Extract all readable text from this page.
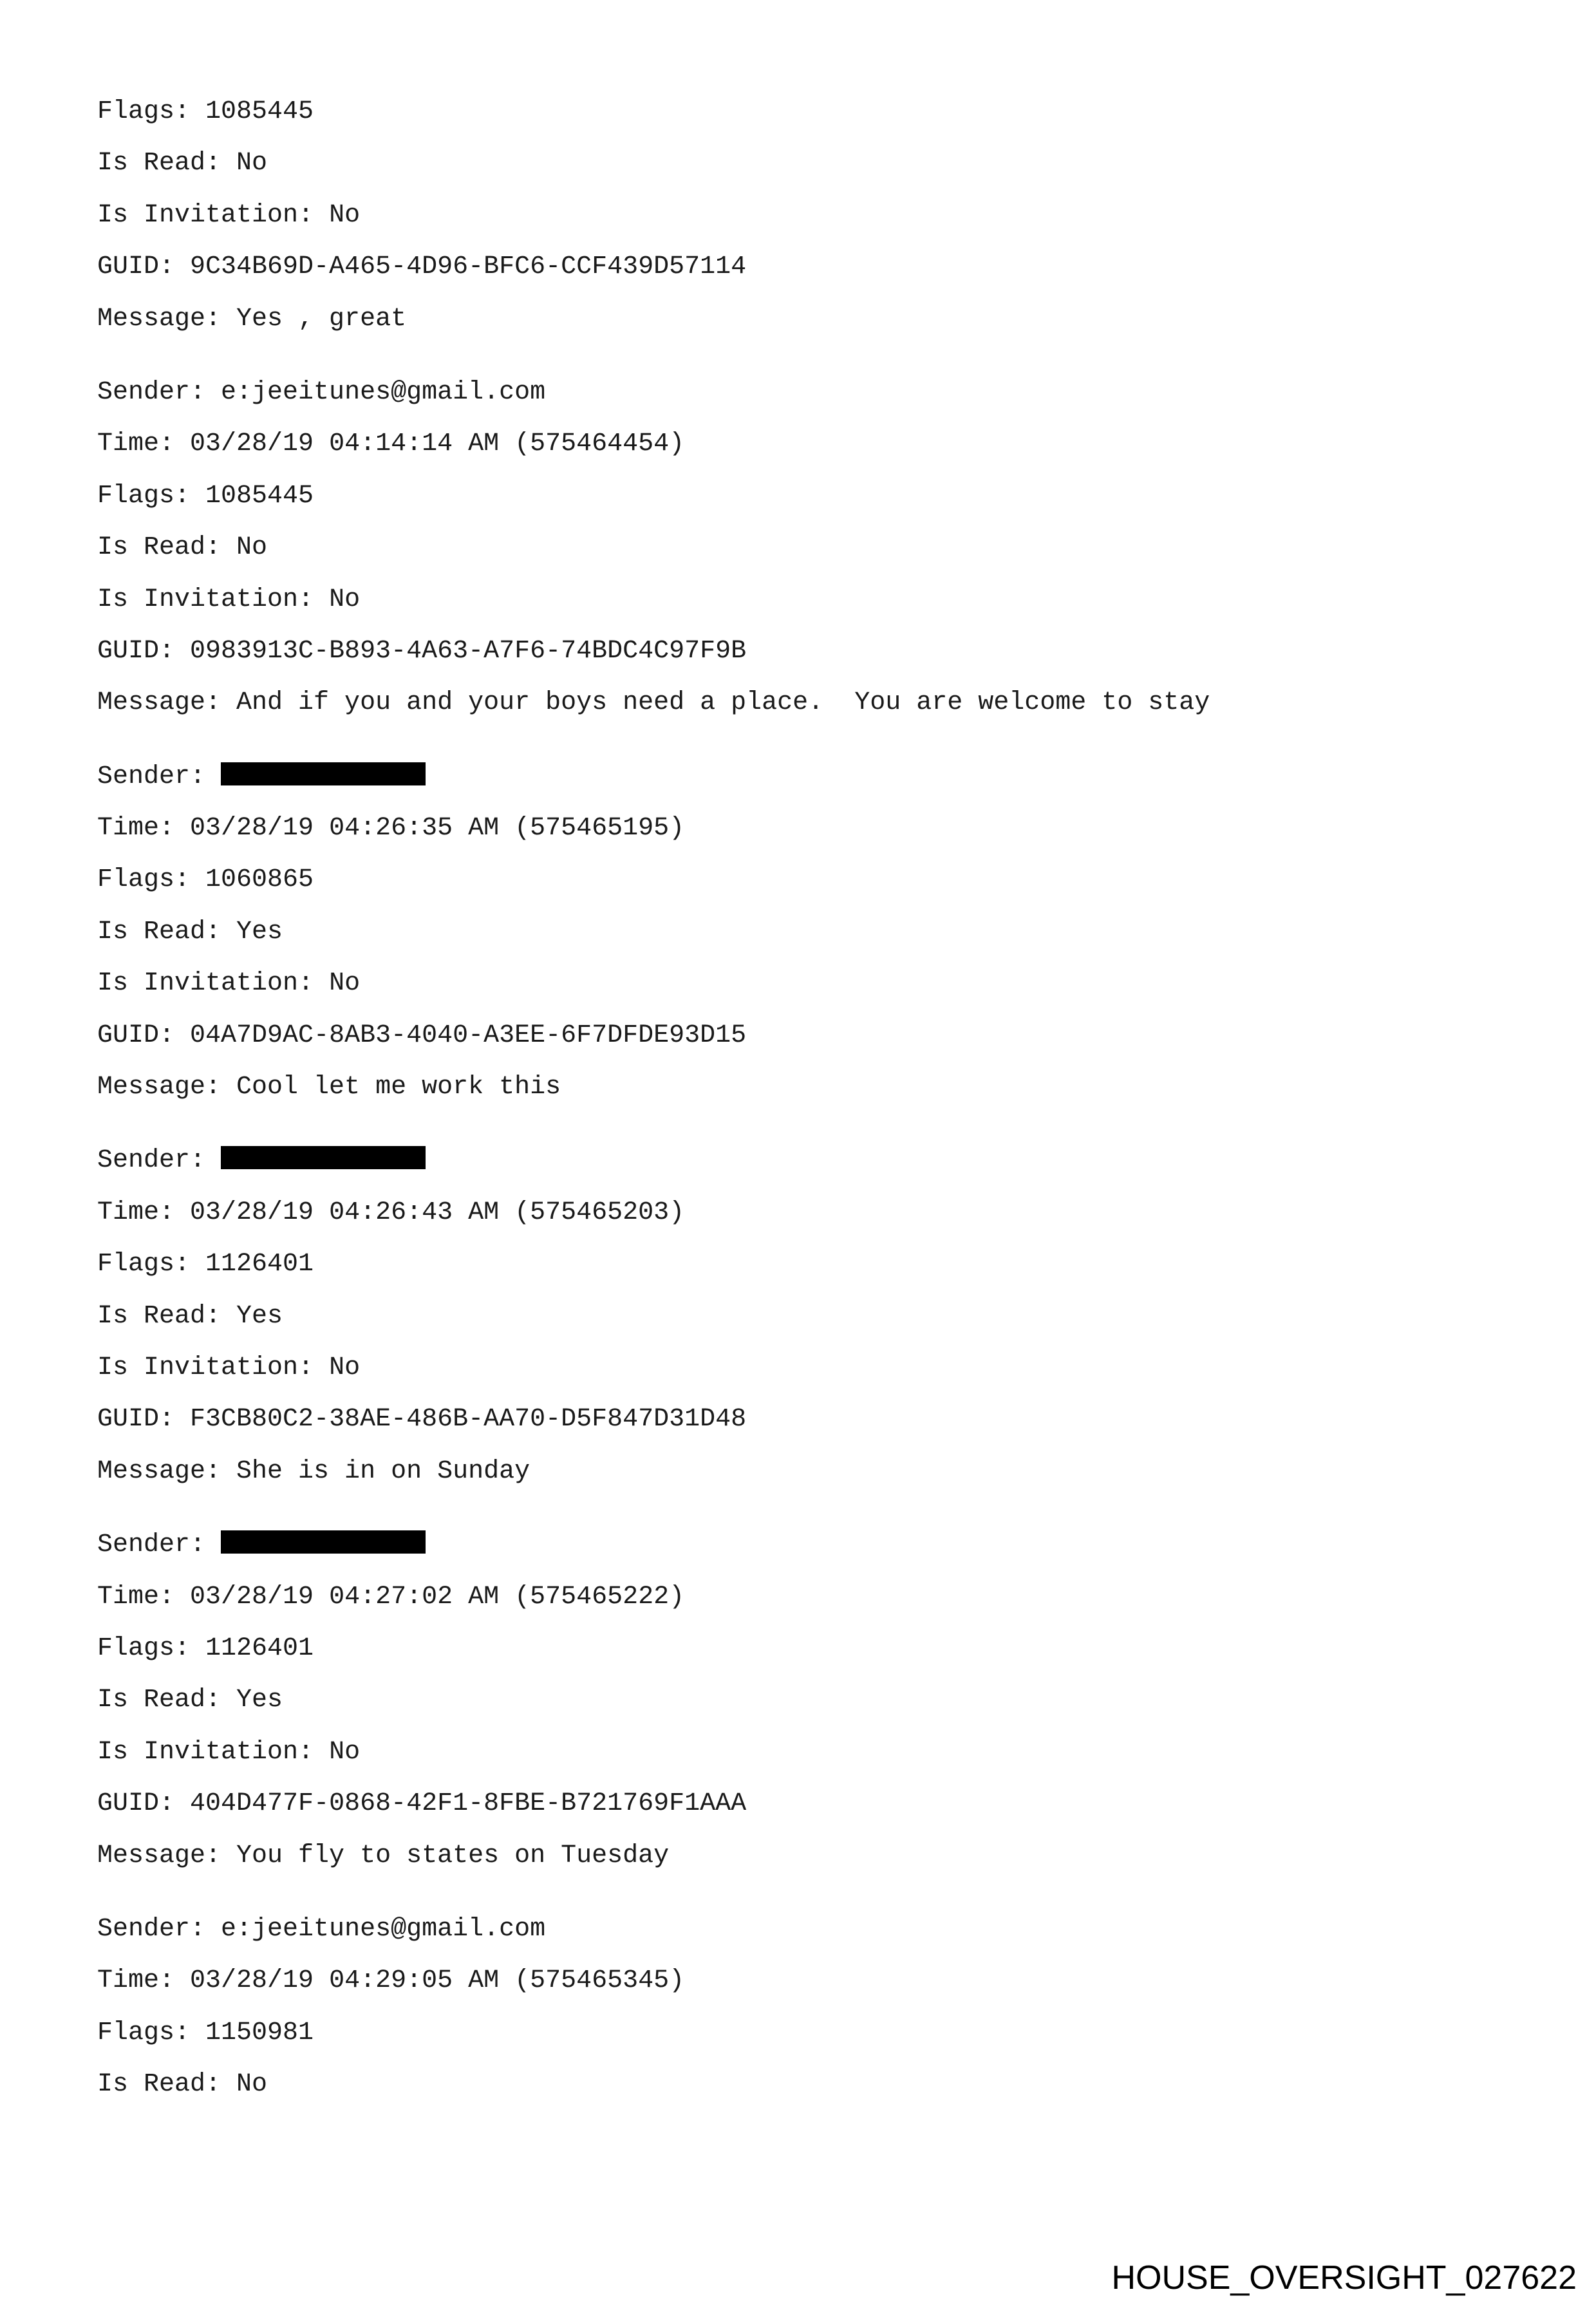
Flags: 1085445
Is Read: No
Is Invitation: No
GUID: 9C34B69D-A465-4D96-BFC6-CCF439D57114
Message: Yes , great
Sender: e:jeeitunes@gmail.com
Time: 03/28/19 04:14:14 AM (575464454)
Flags: 1085445
Is Read: No
Is Invitation: No
GUID: 0983913C-B893-4A63-A7F6-74BDC4C97F9B
Message: And if you and your boys need a place.  You are welcome to stay
Sender:
Time: 03/28/19 04:26:35 AM (575465195)
Flags: 1060865
Is Read: Yes
Is Invitation: No
GUID: 04A7D9AC-8AB3-4040-A3EE-6F7DFDE93D15
Message: Cool let me work this
Sender:
Time: 03/28/19 04:26:43 AM (575465203)
Flags: 1126401
Is Read: Yes
Is Invitation: No
GUID: F3CB80C2-38AE-486B-AA70-D5F847D31D48
Message: She is in on Sunday
Sender:
Time: 03/28/19 04:27:02 AM (575465222)
Flags: 1126401
Is Read: Yes
Is Invitation: No
GUID: 404D477F-0868-42F1-8FBE-B721769F1AAA
Message: You fly to states on Tuesday
Sender: e:jeeitunes@gmail.com
Time: 03/28/19 04:29:05 AM (575465345)
Flags: 1150981
Is Read: No
HOUSE_OVERSIGHT_027622
